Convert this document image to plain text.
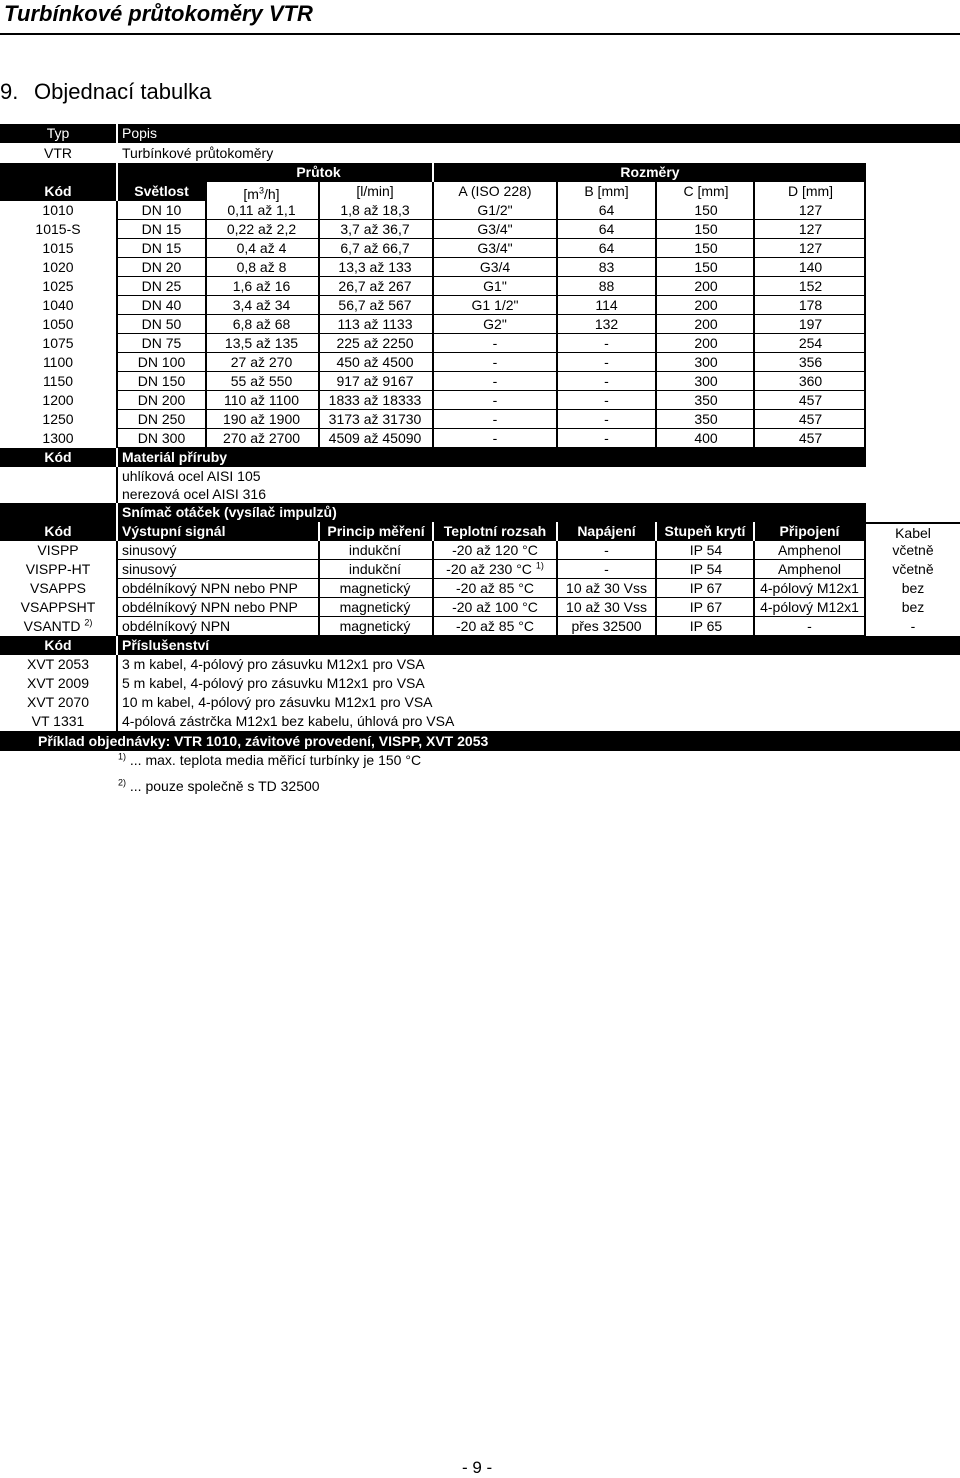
Turbínkové průtokoměry VTR
9. Objednací tabulka
Typ	Popis
VTR	Turbínkové průtokoměry
Průtok	Rozměry
Kód	Světlost	$[m^3/h]$	[l/min]	A (ISO 228)	B [mm]	C [mm]	D [mm]
1010	DN 10	0,11 až 1,1	1,8 až 18,3	G1/2"	64	150	127
1015-S	DN 15	0,22 až 2,2	3,7 až 36,7	G3/4"	64	150	127
1015	DN 15	0,4 až 4	6,7 až 66,7	G3/4"	64	150	127
1020	DN 20	0,8 až 8	13,3 až 133	G3/4	83	150	140
1025	DN 25	1,6 až 16	26,7 až 267	G1"	88	200	152
1040	DN 40	3,4 až 34	56,7 až 567	G1 1/2"	114	200	178
1050	DN 50	6,8 až 68	113 až 1133	G2"	132	200	197
1075	DN 75	13,5 až 135	225 až 2250	-	-	200	254
1100	DN 100	27 až 270	450 až 4500	-	-	300	356
1150	DN 150	55 až 550	917 až 9167	-	-	300	360
1200	DN 200	110 až 1100	1833 až 18333	-	-	350	457
1250	DN 250	190 až 1900	3173 až 31730	-	-	350	457
1300	DN 300	270 až 2700	4509 až 45090	-	-	400	457
Kód	Materiál příruby
uhlíková ocel AISI 105
nerezová ocel AISI 316
Snímač otáček (vysílač impulzů)
Kód	Výstupní signál	Princip měření	Teplotní rozsah	Napájení	Stupeň krytí	Připojení	Kabel
VISPP	sinusový	indukční	-20 až 120 °C	-	IP 54	Amphenol	včetně
VISPP-HT	sinusový	indukční	-20 až 230 °C $^{1)}$	-	IP 54	Amphenol	včetně
VSAPPS	obdélníkový NPN nebo PNP	magnetický	-20 až 85 °C	10 až 30 Vss	IP 67	4-pólový M12x1	bez
VSAPPSHT	obdélníkový NPN nebo PNP	magnetický	-20 až 100 °C	10 až 30 Vss	IP 67	4-pólový M12x1	bez
VSANTD $^{2)}$	obdélníkový NPN	magnetický	-20 až 85 °C	přes 32500	IP 65	-	-
Kód	Příslušenství
XVT 2053	3 m kabel, 4-pólový pro zásuvku M12x1 pro VSA
XVT 2009	5 m kabel, 4-pólový pro zásuvku M12x1 pro VSA
XVT 2070	10 m kabel, 4-pólový pro zásuvku M12x1 pro VSA
VT 1331	4-pólová zástrčka M12x1 bez kabelu, úhlová pro VSA
Příklad objednávky: VTR 1010, závitové provedení, VISPP, XVT 2053
$^{1)}$ ... max. teplota media měřicí turbínky je 150 °C
$^{2)}$ ... pouze společně s TD 32500
- 9 -
